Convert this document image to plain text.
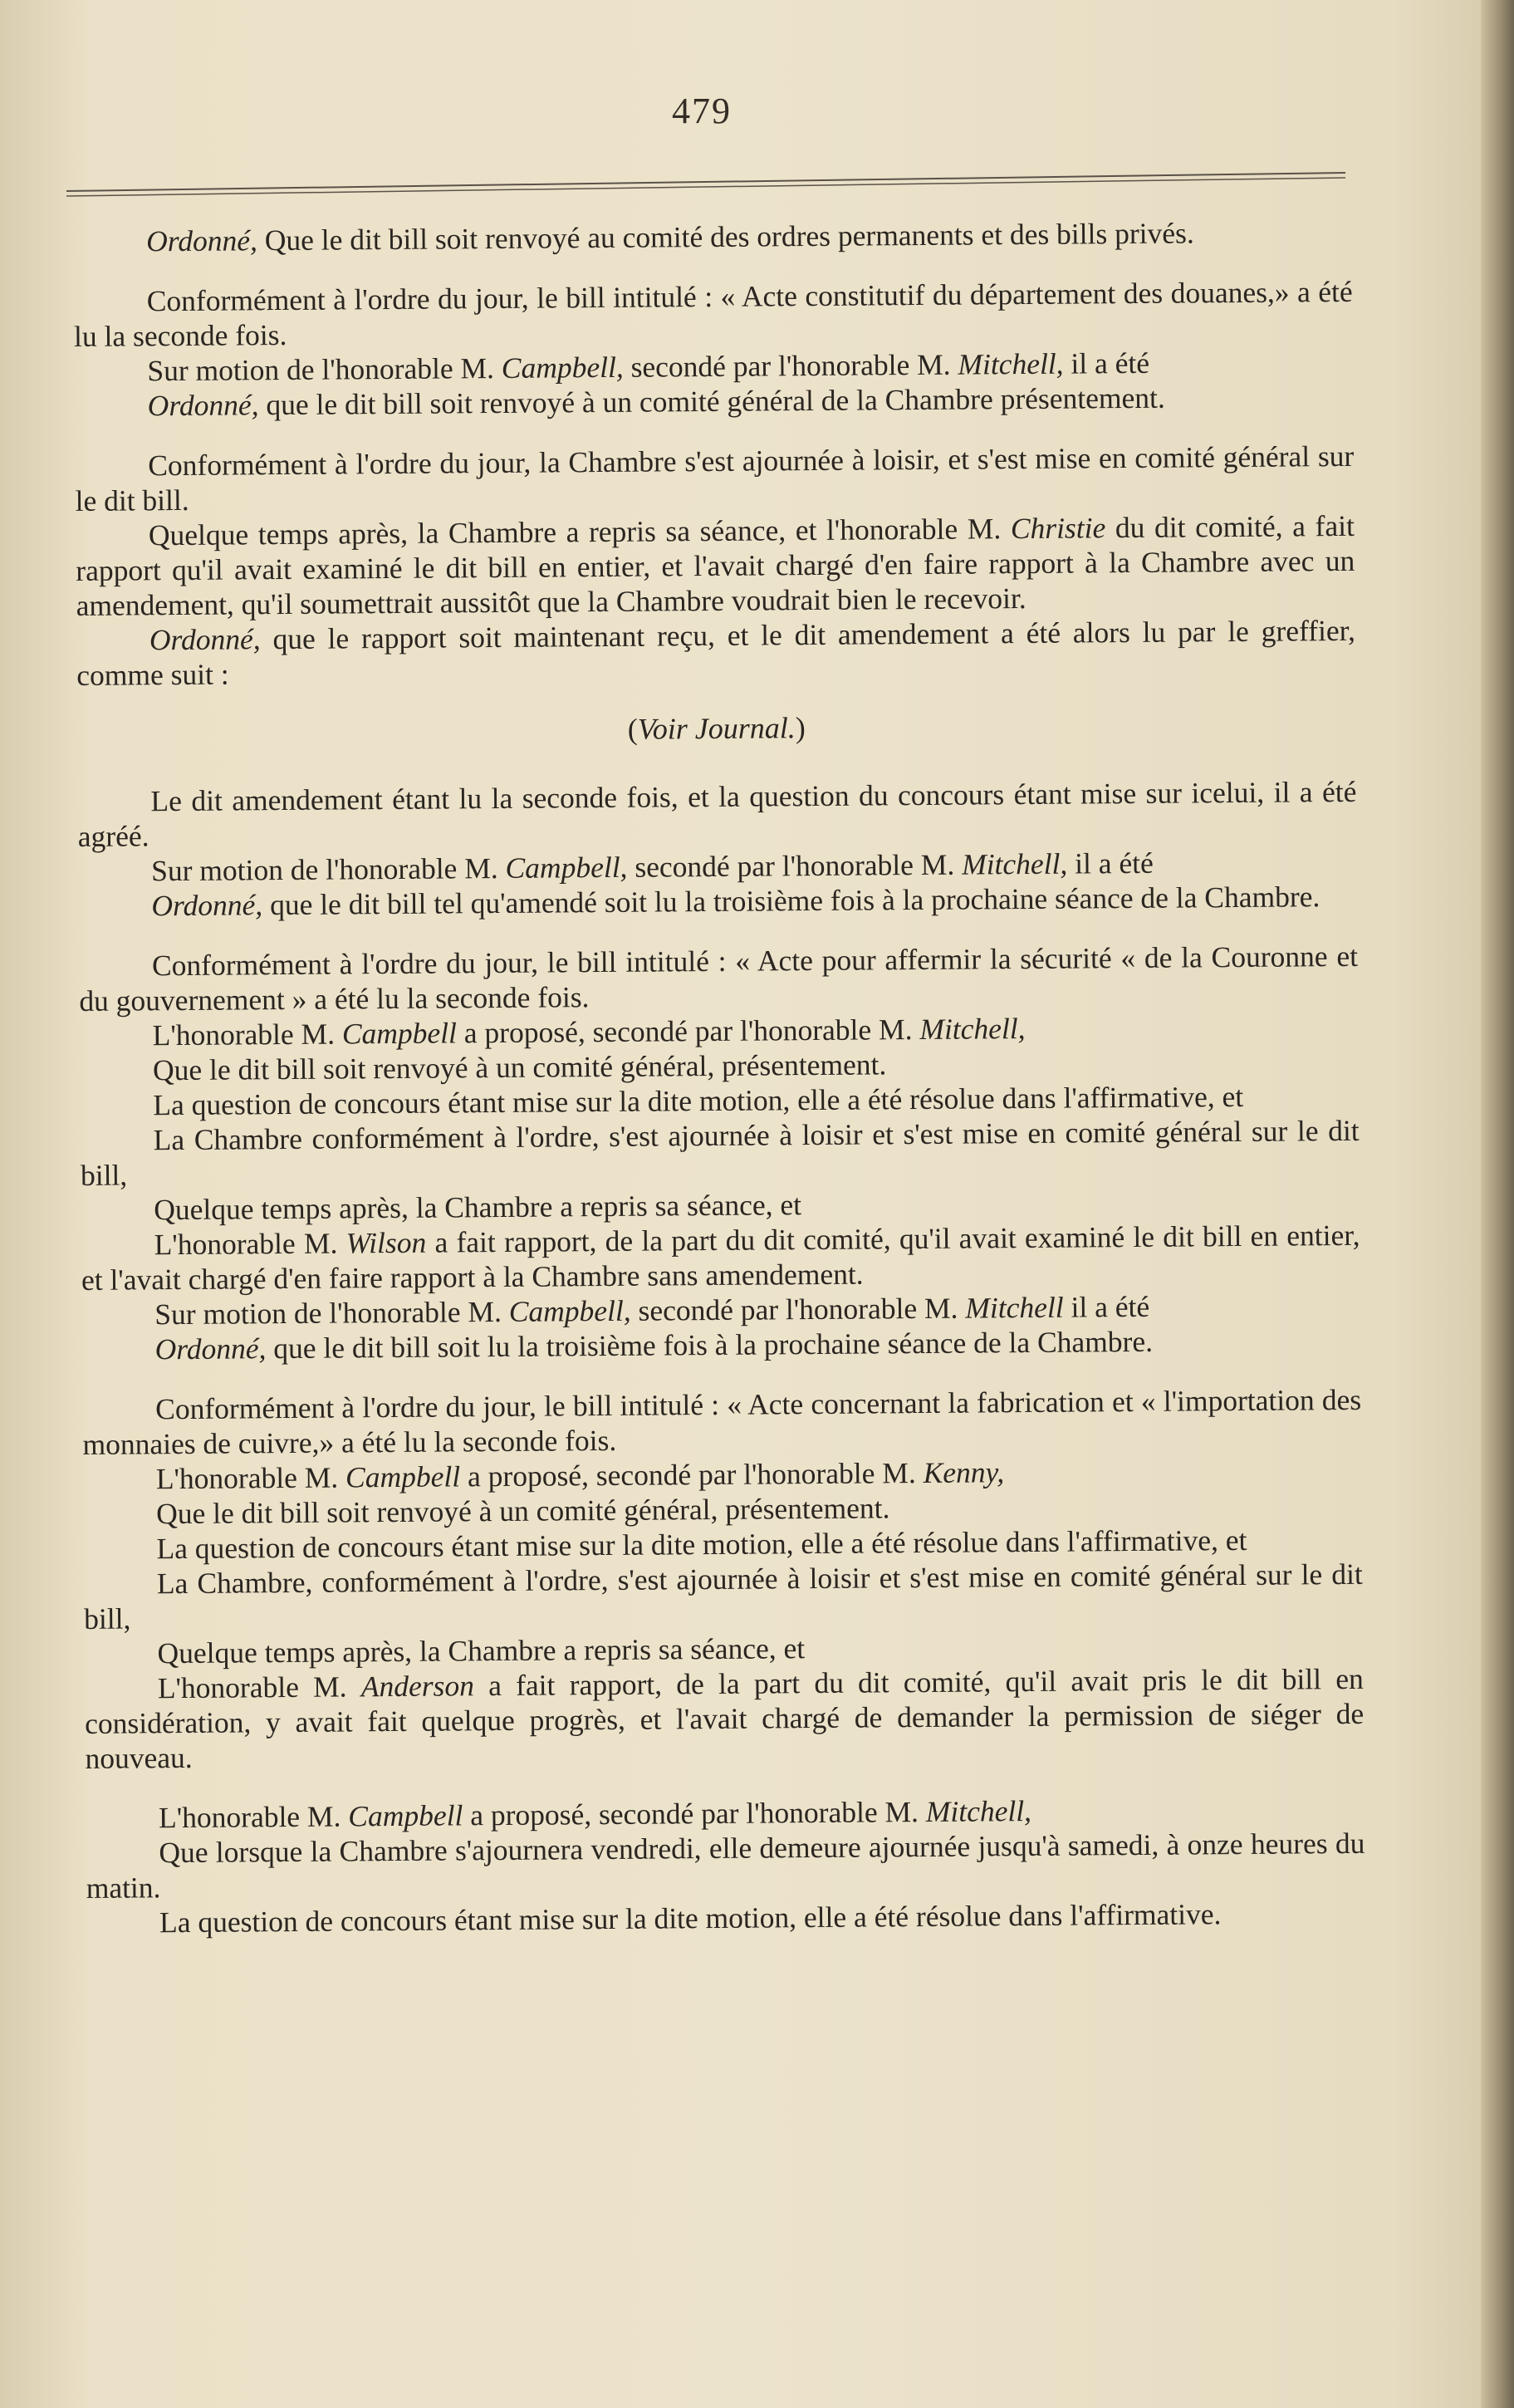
479

Ordonné, Que le dit bill soit renvoyé au comité des ordres permanents et des bills privés.

Conformément à l'ordre du jour, le bill intitulé : « Acte constitutif du département des douanes,» a été lu la seconde fois.

Sur motion de l'honorable M. Campbell, secondé par l'honorable M. Mitchell, il a été

Ordonné, que le dit bill soit renvoyé à un comité général de la Chambre présentement.

Conformément à l'ordre du jour, la Chambre s'est ajournée à loisir, et s'est mise en comité général sur le dit bill.

Quelque temps après, la Chambre a repris sa séance, et l'honorable M. Christie du dit comité, a fait rapport qu'il avait examiné le dit bill en entier, et l'avait chargé d'en faire rapport à la Chambre avec un amendement, qu'il soumettrait aussitôt que la Chambre voudrait bien le recevoir.

Ordonné, que le rapport soit maintenant reçu, et le dit amendement a été alors lu par le greffier, comme suit :

(Voir Journal.)

Le dit amendement étant lu la seconde fois, et la question du concours étant mise sur icelui, il a été agréé.

Sur motion de l'honorable M. Campbell, secondé par l'honorable M. Mitchell, il a été

Ordonné, que le dit bill tel qu'amendé soit lu la troisième fois à la prochaine séance de la Chambre.

Conformément à l'ordre du jour, le bill intitulé : « Acte pour affermir la sécurité « de la Couronne et du gouvernement » a été lu la seconde fois.

L'honorable M. Campbell a proposé, secondé par l'honorable M. Mitchell,

Que le dit bill soit renvoyé à un comité général, présentement.

La question de concours étant mise sur la dite motion, elle a été résolue dans l'affirmative, et

La Chambre conformément à l'ordre, s'est ajournée à loisir et s'est mise en comité général sur le dit bill,

Quelque temps après, la Chambre a repris sa séance, et

L'honorable M. Wilson a fait rapport, de la part du dit comité, qu'il avait examiné le dit bill en entier, et l'avait chargé d'en faire rapport à la Chambre sans amendement.

Sur motion de l'honorable M. Campbell, secondé par l'honorable M. Mitchell il a été

Ordonné, que le dit bill soit lu la troisième fois à la prochaine séance de la Chambre.

Conformément à l'ordre du jour, le bill intitulé : « Acte concernant la fabrication et « l'importation des monnaies de cuivre,» a été lu la seconde fois.

L'honorable M. Campbell a proposé, secondé par l'honorable M. Kenny,

Que le dit bill soit renvoyé à un comité général, présentement.

La question de concours étant mise sur la dite motion, elle a été résolue dans l'affirmative, et

La Chambre, conformément à l'ordre, s'est ajournée à loisir et s'est mise en comité général sur le dit bill,

Quelque temps après, la Chambre a repris sa séance, et

L'honorable M. Anderson a fait rapport, de la part du dit comité, qu'il avait pris le dit bill en considération, y avait fait quelque progrès, et l'avait chargé de demander la permission de siéger de nouveau.

L'honorable M. Campbell a proposé, secondé par l'honorable M. Mitchell,

Que lorsque la Chambre s'ajournera vendredi, elle demeure ajournée jusqu'à samedi, à onze heures du matin.

La question de concours étant mise sur la dite motion, elle a été résolue dans l'affirmative.
